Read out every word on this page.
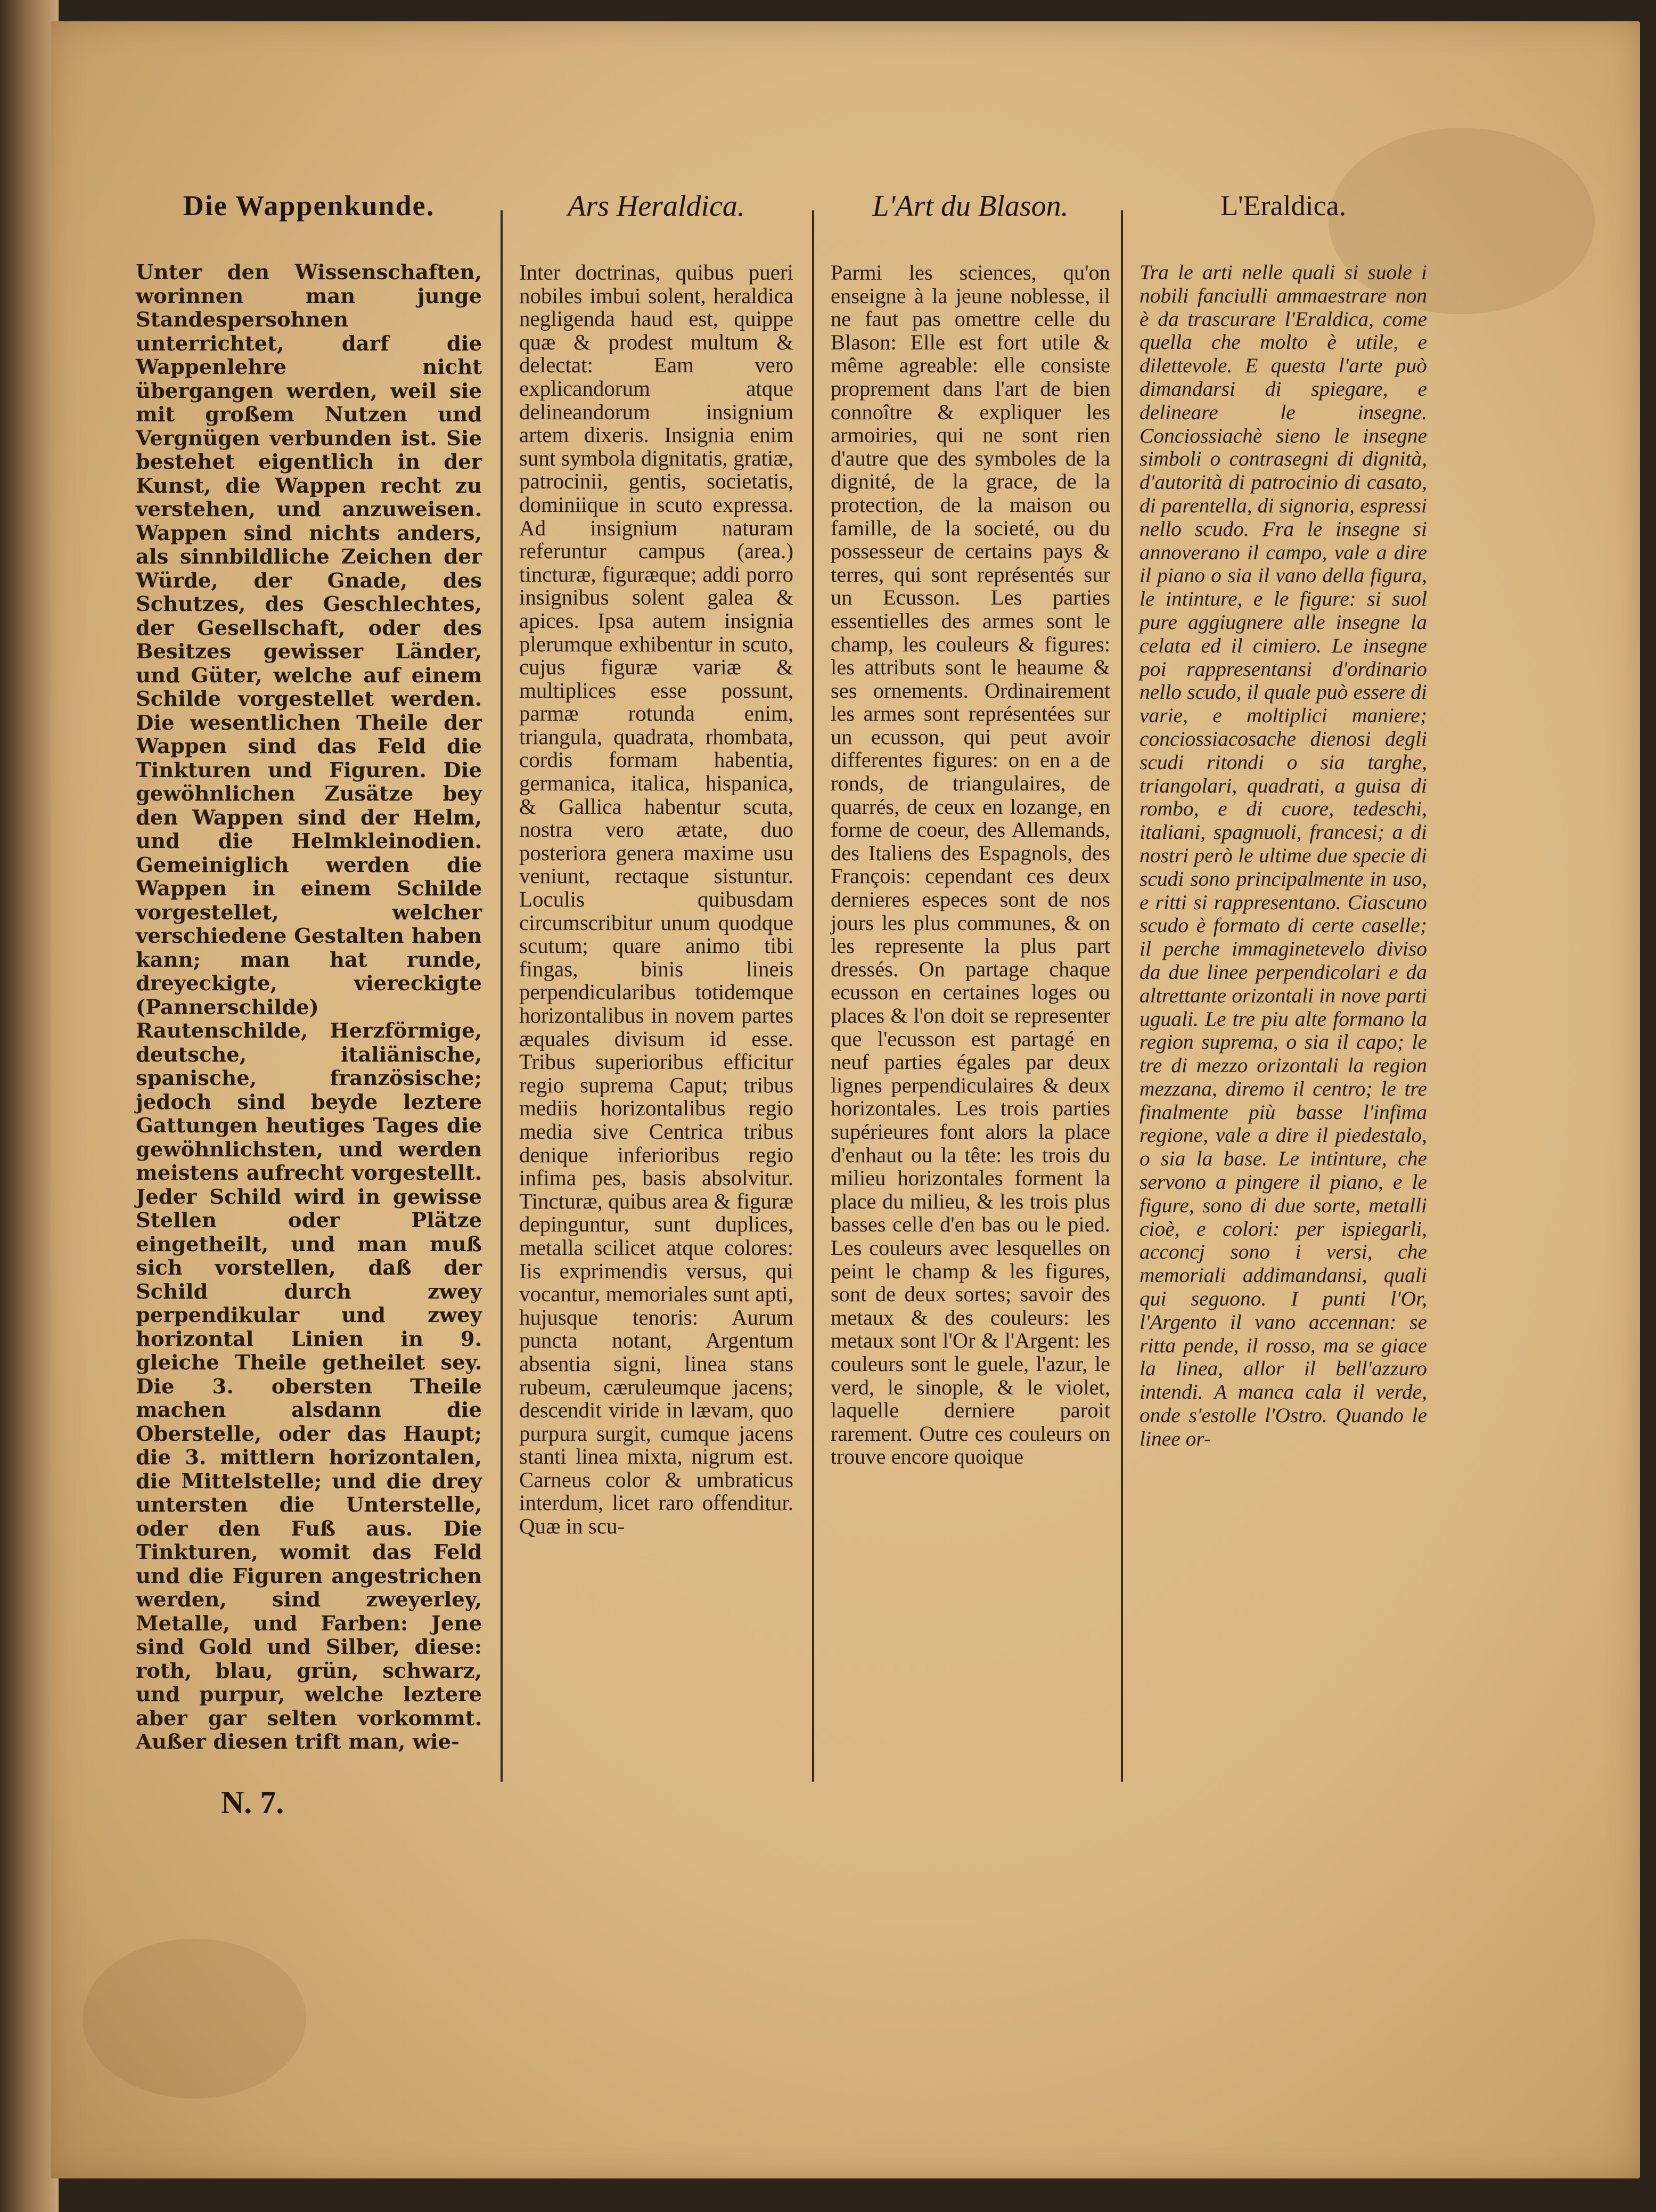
Die Wappenkunde.
Unter den Wissenschaften, worinnen man junge Standespersohnen unterrichtet, darf die Wappenlehre nicht übergangen werden, weil sie mit großem Nutzen und Vergnügen verbunden ist. Sie bestehet eigentlich in der Kunst, die Wappen recht zu verstehen, und anzuweisen. Wappen sind nichts anders, als sinnbildliche Zeichen der Würde, der Gnade, des Schutzes, des Geschlechtes, der Gesellschaft, oder des Besitzes gewisser Länder, und Güter, welche auf einem Schilde vorgestellet werden. Die wesentlichen Theile der Wappen sind das Feld die Tinkturen und Figuren. Die gewöhnlichen Zusätze bey den Wappen sind der Helm, und die Helmkleinodien. Gemeiniglich werden die Wappen in einem Schilde vorgestellet, welcher verschiedene Gestalten haben kann; man hat runde, dreyeckigte, viereckigte (Pannerschilde) Rautenschilde, Herzförmige, deutsche, italiänische, spanische, französische; jedoch sind beyde leztere Gattungen heutiges Tages die gewöhnlichsten, und werden meistens aufrecht vorgestellt. Jeder Schild wird in gewisse Stellen oder Plätze eingetheilt, und man muß sich vorstellen, daß der Schild durch zwey perpendikular und zwey horizontal Linien in 9. gleiche Theile getheilet sey. Die 3. obersten Theile machen alsdann die Oberstelle, oder das Haupt; die 3. mittlern horizontalen, die Mittelstelle; und die drey untersten die Unterstelle, oder den Fuß aus. Die Tinkturen, womit das Feld und die Figuren angestrichen werden, sind zweyerley, Metalle, und Farben: Jene sind Gold und Silber, diese: roth, blau, grün, schwarz, und purpur, welche leztere aber gar selten vorkommt. Außer diesen trift man, wie-
Ars Heraldica.
Inter doctrinas, quibus pueri nobiles imbui solent, heraldica negligenda haud est, quippe quæ & prodest multum & delectat: Eam vero explicandorum atque delineandorum insignium artem dixeris. Insignia enim sunt symbola dignitatis, gratiæ, patrocinii, gentis, societatis, dominiique in scuto expressa. Ad insignium naturam referuntur campus (area.) tincturæ, figuræque; addi porro insignibus solent galea & apices. Ipsa autem insignia plerumque exhibentur in scuto, cujus figuræ variæ & multiplices esse possunt, parmæ rotunda enim, triangula, quadrata, rhombata, cordis formam habentia, germanica, italica, hispanica, & Gallica habentur scuta, nostra vero ætate, duo posteriora genera maxime usu veniunt, rectaque sistuntur. Loculis quibusdam circumscribitur unum quodque scutum; quare animo tibi fingas, binis lineis perpendicularibus totidemque horizontalibus in novem partes æquales divisum id esse. Tribus superioribus efficitur regio suprema Caput; tribus mediis horizontalibus regio media sive Centrica tribus denique inferioribus regio infima pes, basis absolvitur. Tincturæ, quibus area & figuræ depinguntur, sunt duplices, metalla scilicet atque colores: Iis exprimendis versus, qui vocantur, memoriales sunt apti, hujusque tenoris: Aurum puncta notant, Argentum absentia signi, linea stans rubeum, cæruleumque jacens; descendit viride in lævam, quo purpura surgit, cumque jacens stanti linea mixta, nigrum est. Carneus color & umbraticus interdum, licet raro offenditur. Quæ in scu-
L'Art du Blason.
Parmi les sciences, qu'on enseigne à la jeune noblesse, il ne faut pas omettre celle du Blason: Elle est fort utile & même agreable: elle consiste proprement dans l'art de bien connoître & expliquer les armoiries, qui ne sont rien d'autre que des symboles de la dignité, de la grace, de la protection, de la maison ou famille, de la societé, ou du possesseur de certains pays & terres, qui sont représentés sur un Ecusson. Les parties essentielles des armes sont le champ, les couleurs & figures: les attributs sont le heaume & ses ornements. Ordinairement les armes sont représentées sur un ecusson, qui peut avoir differentes figures: on en a de ronds, de triangulaires, de quarrés, de ceux en lozange, en forme de coeur, des Allemands, des Italiens des Espagnols, des François: cependant ces deux dernieres especes sont de nos jours les plus communes, & on les represente la plus part dressés. On partage chaque ecusson en certaines loges ou places & l'on doit se representer que l'ecusson est partagé en neuf parties égales par deux lignes perpendiculaires & deux horizontales. Les trois parties supérieures font alors la place d'enhaut ou la tête: les trois du milieu horizontales forment la place du milieu, & les trois plus basses celle d'en bas ou le pied. Les couleurs avec lesquelles on peint le champ & les figures, sont de deux sortes; savoir des metaux & des couleurs: les metaux sont l'Or & l'Argent: les couleurs sont le guele, l'azur, le verd, le sinople, & le violet, laquelle derniere paroit rarement. Outre ces couleurs on trouve encore quoique
L'Eraldica.
Tra le arti nelle quali si suole i nobili fanciulli ammaestrare non è da trascurare l'Eraldica, come quella che molto è utile, e dilettevole. E questa l'arte può dimandarsi di spiegare, e delineare le insegne. Conciossiachè sieno le insegne simboli o contrasegni di dignità, d'autorità di patrocinio di casato, di parentella, di signoria, espressi nello scudo. Fra le insegne si annoverano il campo, vale a dire il piano o sia il vano della figura, le intinture, e le figure: si suol pure aggiugnere alle insegne la celata ed il cimiero. Le insegne poi rappresentansi d'ordinario nello scudo, il quale può essere di varie, e moltiplici maniere; conciossiacosache dienosi degli scudi ritondi o sia targhe, triangolari, quadrati, a guisa di rombo, e di cuore, tedeschi, italiani, spagnuoli, francesi; a di nostri però le ultime due specie di scudi sono principalmente in uso, e ritti si rappresentano. Ciascuno scudo è formato di certe caselle; il perche immaginetevelo diviso da due linee perpendicolari e da altrettante orizontali in nove parti uguali. Le tre piu alte formano la region suprema, o sia il capo; le tre di mezzo orizontali la region mezzana, diremo il centro; le tre finalmente più basse l'infima regione, vale a dire il piedestalo, o sia la base. Le intinture, che servono a pingere il piano, e le figure, sono di due sorte, metalli cioè, e colori: per ispiegarli, acconcj sono i versi, che memoriali addimandansi, quali qui seguono. I punti l'Or, l'Argento il vano accennan: se ritta pende, il rosso, ma se giace la linea, allor il bell'azzuro intendi. A manca cala il verde, onde s'estolle l'Ostro. Quando le linee or-
N. 7.
